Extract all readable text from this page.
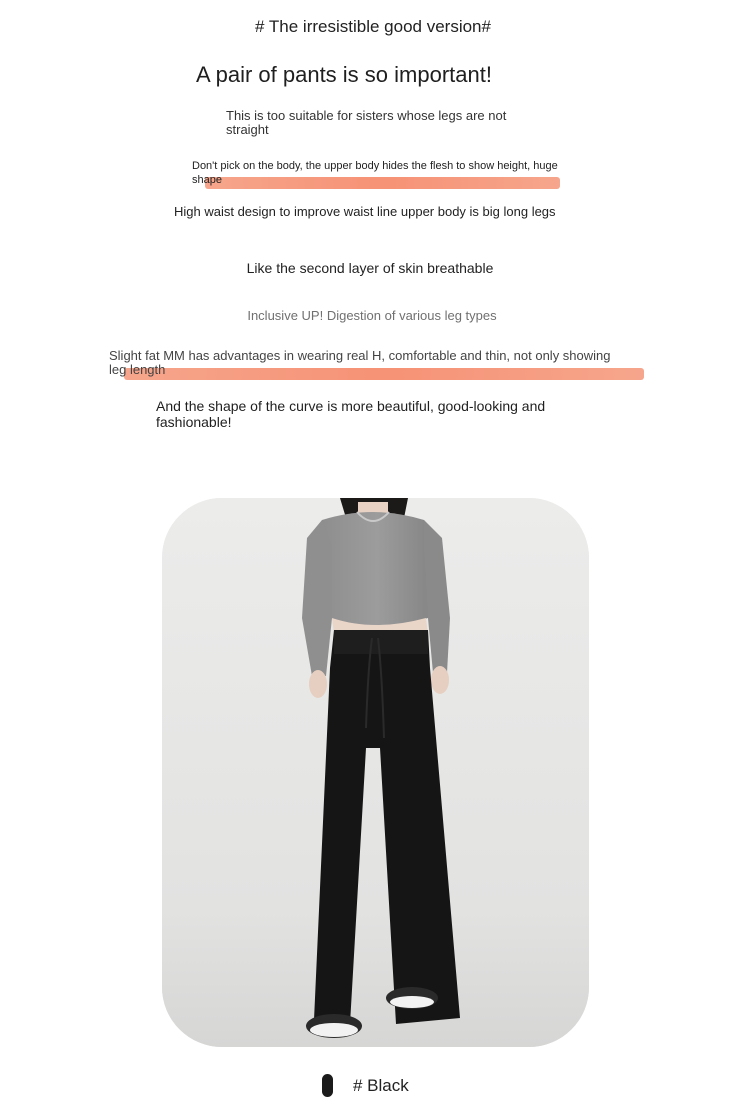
# The irresistible good version#
A pair of pants is so important!
This is too suitable for sisters whose legs are not straight
Don't pick on the body, the upper body hides the flesh to show height, huge shape
High waist design to improve waist line upper body is big long legs
Like the second layer of skin breathable
Inclusive UP! Digestion of various leg types
Slight fat MM has advantages in wearing real H, comfortable and thin, not only showing leg length
And the shape of the curve is more beautiful, good-looking and fashionable!
# Black
